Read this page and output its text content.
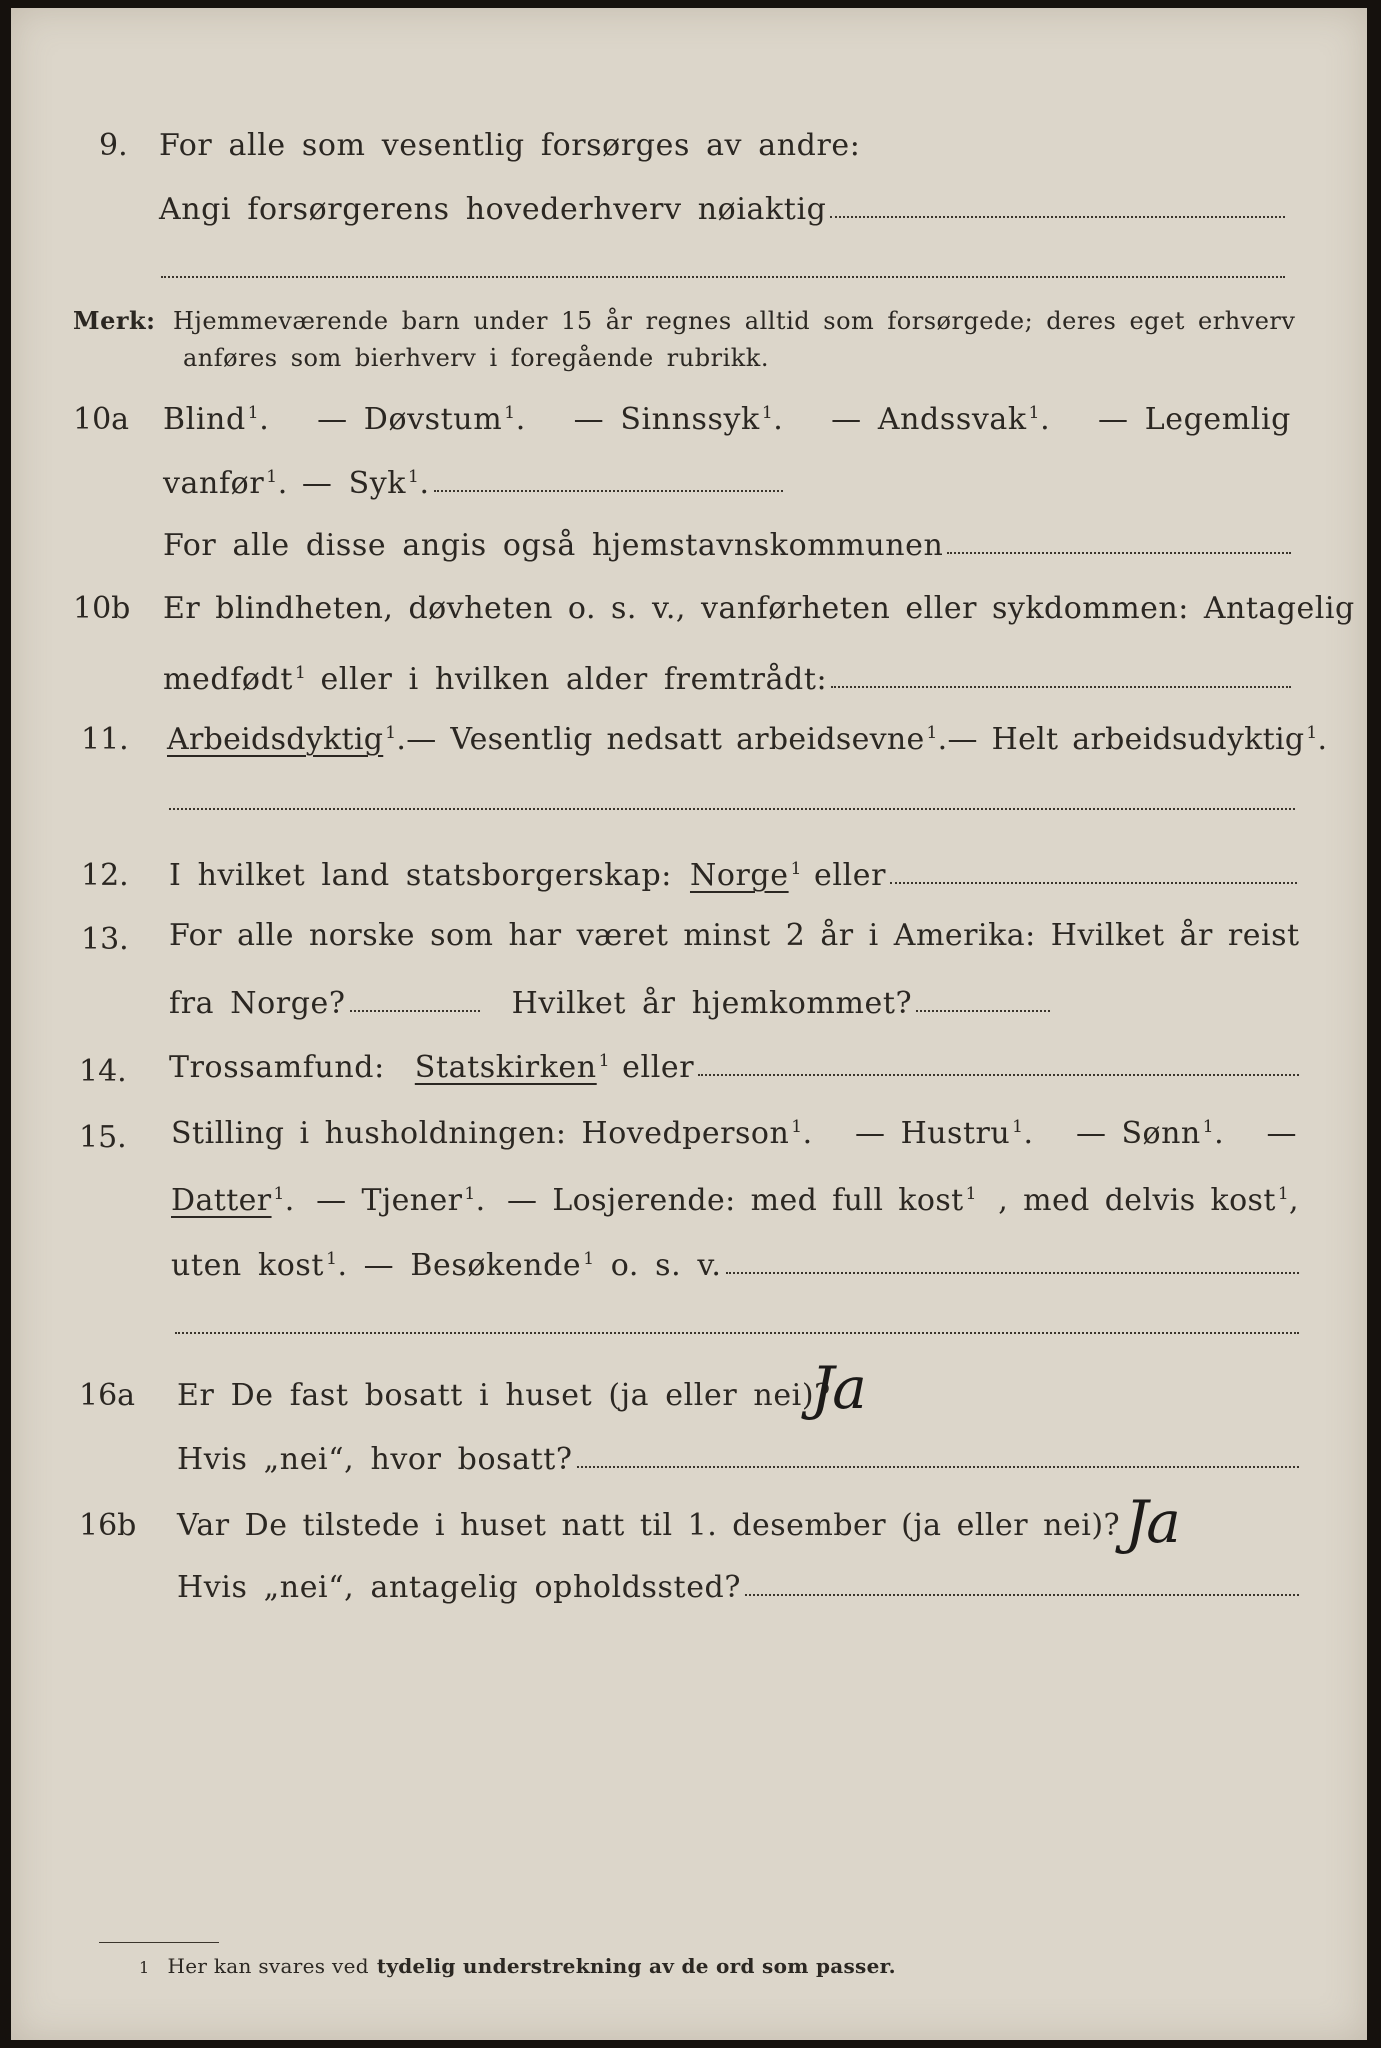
9. For alle som vesentlig forsørges av andre:
Angi forsørgerens hovederhverv nøiaktig
Merk: Hjemmeværende barn under 15 år regnes alltid som forsørgede; deres eget erhverv
anføres som bierhverv i foregående rubrikk.
10a Blind $^1$. — Døvstum $^1$. — Sinnssyk $^1$. — Andssvak $^1$. — Legemlig
vanfør $^1$. — Syk $^1$.
For alle disse angis også hjemstavnskommunen
10b Er blindheten, døvheten o. s. v., vanførheten eller sykdommen: Antagelig
medfødt $^1$ eller i hvilken alder fremtrådt:
11. Arbeidsdyktig $^1$. — Vesentlig nedsatt arbeidsevne $^1$. — Helt arbeidsudyktig $^1$.
12. I hvilket land statsborgerskap: Norge $^1$ eller
13. For alle norske som har været minst 2 år i Amerika: Hvilket år reist
fra Norge?	Hvilket år hjemkommet?
14. Trossamfund: Statskirken $^1$ eller
15. Stilling i husholdningen: Hovedperson $^1$. — Hustru $^1$. — Sønn $^1$. —
Datter $^1$. — Tjener $^1$. — Losjerende: med full kost $^1$ , med delvis kost $^1$,
uten kost $^1$. — Besøkende $^1$ o. s. v.
16a Er De fast bosatt i huset (ja eller nei)?
Ja
Hvis „nei“, hvor bosatt?
16b Var De tilstede i huset natt til 1. desember (ja eller nei)? Ja
Hvis „nei“, antagelig opholdssted?
1 Her kan svares ved tydelig understrekning av de ord som passer.
